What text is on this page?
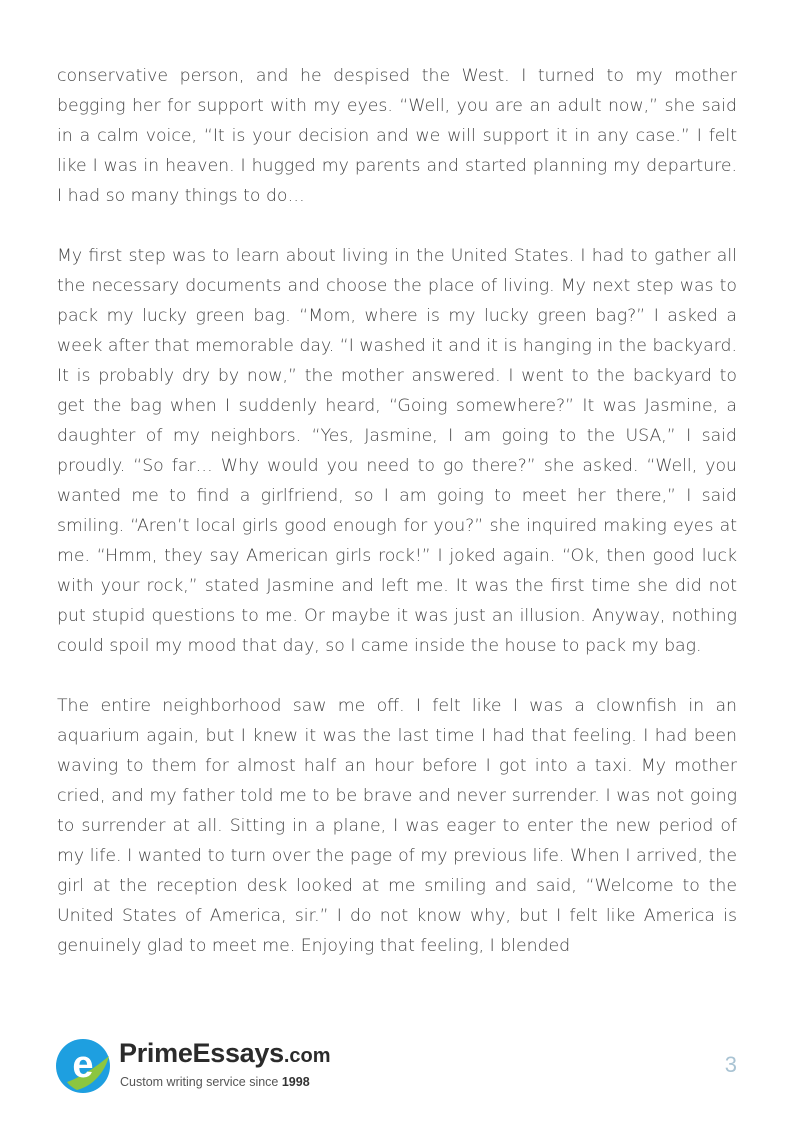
conservative person, and he despised the West. I turned to my mother begging her for support with my eyes. “Well, you are an adult now,” she said in a calm voice, “It is your decision and we will support it in any case.” I felt like I was in heaven. I hugged my parents and started planning my departure. I had so many things to do…

My first step was to learn about living in the United States. I had to gather all the necessary documents and choose the place of living. My next step was to pack my lucky green bag. “Mom, where is my lucky green bag?” I asked a week after that memorable day. “I washed it and it is hanging in the backyard. It is probably dry by now,” the mother answered. I went to the backyard to get the bag when I suddenly heard, “Going somewhere?” It was Jasmine, a daughter of my neighbors. “Yes, Jasmine, I am going to the USA,” I said proudly. “So far… Why would you need to go there?” she asked. “Well, you wanted me to find a girlfriend, so I am going to meet her there,” I said smiling. “Aren’t local girls good enough for you?” she inquired making eyes at me. “Hmm, they say American girls rock!” I joked again. “Ok, then good luck with your rock,” stated Jasmine and left me. It was the first time she did not put stupid questions to me. Or maybe it was just an illusion. Anyway, nothing could spoil my mood that day, so I came inside the house to pack my bag.

The entire neighborhood saw me off. I felt like I was a clownfish in an aquarium again, but I knew it was the last time I had that feeling. I had been waving to them for almost half an hour before I got into a taxi. My mother cried, and my father told me to be brave and never surrender. I was not going to surrender at all. Sitting in a plane, I was eager to enter the new period of my life. I wanted to turn over the page of my previous life. When I arrived, the girl at the reception desk looked at me smiling and said, “Welcome to the United States of America, sir.” I do not know why, but I felt like America is genuinely glad to meet me. Enjoying that feeling, I blended

e PrimeEssays.com
Custom writing service since 1998
3
